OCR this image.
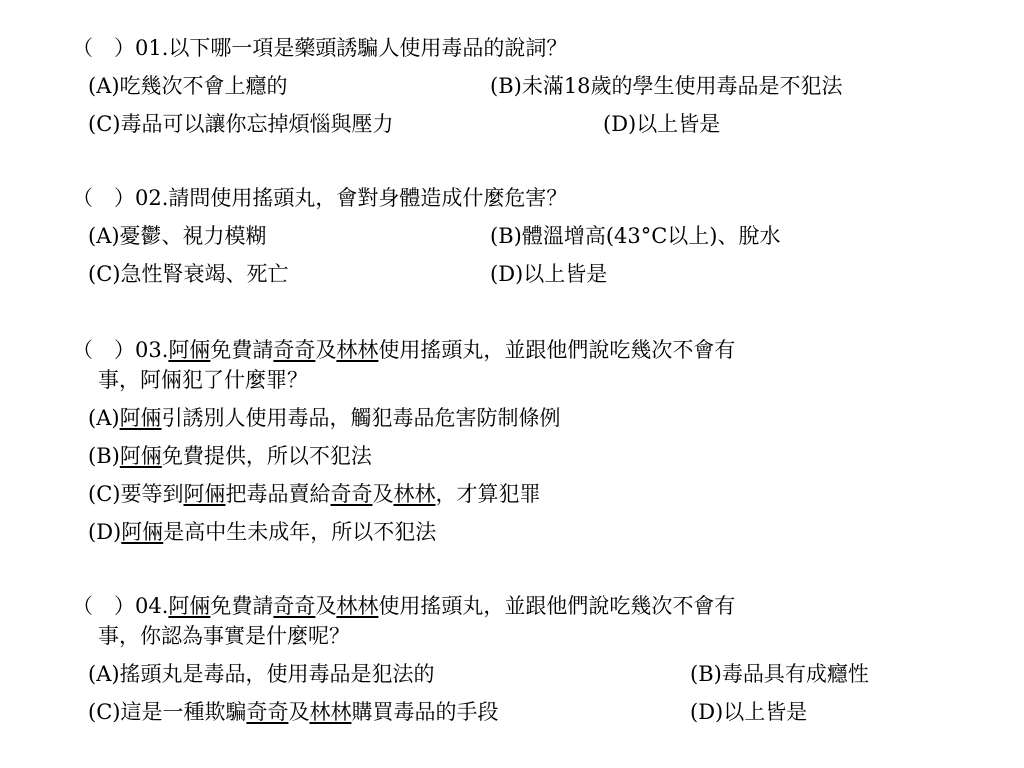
（　）01.以下哪一項是藥頭誘騙人使用毒品的說詞？
(A)吃幾次不會上癮的	(B)未滿18歲的學生使用毒品是不犯法
(C)毒品可以讓你忘掉煩惱與壓力	(D)以上皆是
（　）02.請問使用搖頭丸，會對身體造成什麼危害？
(A)憂鬱、視力模糊	(B)體溫增高(43°C以上)、脫水
(C)急性腎衰竭、死亡	(D)以上皆是
（　）03.阿倆免費請奇奇及林林使用搖頭丸，並跟他們說吃幾次不會有
事，阿倆犯了什麼罪？
(A)阿倆引誘別人使用毒品，觸犯毒品危害防制條例
(B)阿倆免費提供，所以不犯法
(C)要等到阿倆把毒品賣給奇奇及林林，才算犯罪
(D)阿倆是高中生未成年，所以不犯法
（　）04.阿倆免費請奇奇及林林使用搖頭丸，並跟他們說吃幾次不會有
事，你認為事實是什麼呢？
(A)搖頭丸是毒品，使用毒品是犯法的	(B)毒品具有成癮性
(C)這是一種欺騙奇奇及林林購買毒品的手段	(D)以上皆是
